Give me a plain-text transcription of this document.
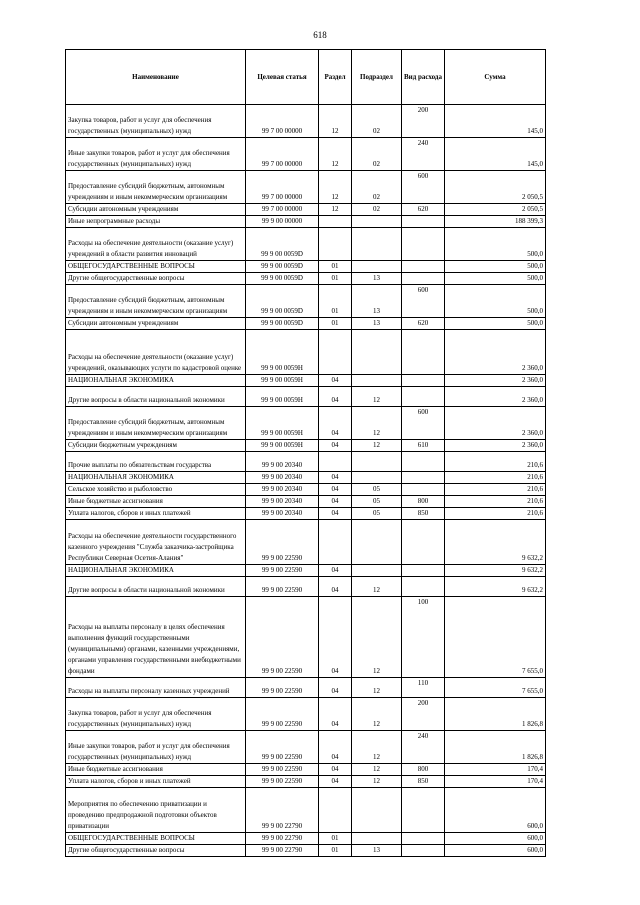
618
Наименование	Целевая статья	Раздел	Подраздел	Вид расхода	Сумма
Закупка товаров, работ и услуг для обеспечения государственных (муниципальных) нужд	99 7 00 00000	12	02	200	145,0
Иные закупки товаров, работ и услуг для обеспечения государственных (муниципальных) нужд	99 7 00 00000	12	02	240	145,0
Предоставление субсидий бюджетным, автономным учреждениям и иным некоммерческим организациям	99 7 00 00000	12	02	600	2 050,5
Субсидии автономным учреждениям	99 7 00 00000	12	02	620	2 050,5
Иные непрограммные расходы	99 9 00 00000				188 399,3
Расходы на обеспечение деятельности (оказание услуг) учреждений в области развития инноваций	99 9 00 0059D				500,0
ОБЩЕГОСУДАРСТВЕННЫЕ ВОПРОСЫ	99 9 00 0059D	01			500,0
Другие общегосударственные вопросы	99 9 00 0059D	01	13		500,0
Предоставление субсидий бюджетным, автономным учреждениям и иным некоммерческим организациям	99 9 00 0059D	01	13	600	500,0
Субсидии автономным учреждениям	99 9 00 0059D	01	13	620	500,0
Расходы на обеспечение деятельности (оказание услуг) учреждений, оказывающих услуги по кадастровой оценке	99 9 00 0059H				2 360,0
НАЦИОНАЛЬНАЯ ЭКОНОМИКА	99 9 00 0059H	04			2 360,0
Другие вопросы в области национальной экономики	99 9 00 0059H	04	12		2 360,0
Предоставление субсидий бюджетным, автономным учреждениям и иным некоммерческим организациям	99 9 00 0059H	04	12	600	2 360,0
Субсидии бюджетным учреждениям	99 9 00 0059H	04	12	610	2 360,0
Прочие выплаты по обязательствам государства	99 9 00 20340				210,6
НАЦИОНАЛЬНАЯ ЭКОНОМИКА	99 9 00 20340	04			210,6
Сельское хозяйство и рыболовство	99 9 00 20340	04	05		210,6
Иные бюджетные ассигнования	99 9 00 20340	04	05	800	210,6
Уплата налогов, сборов и иных платежей	99 9 00 20340	04	05	850	210,6
Расходы на обеспечение деятельности государственного казенного учреждения "Служба заказчика-застройщика Республики Северная Осетия-Алания"	99 9 00 22590				9 632,2
НАЦИОНАЛЬНАЯ ЭКОНОМИКА	99 9 00 22590	04			9 632,2
Другие вопросы в области национальной экономики	99 9 00 22590	04	12		9 632,2
Расходы на выплаты персоналу в целях обеспечения выполнения функций государственными (муниципальными) органами, казенными учреждениями, органами управления государственными внебюджетными фондами	99 9 00 22590	04	12	100	7 655,0
Расходы на выплаты персоналу казенных учреждений	99 9 00 22590	04	12	110	7 655,0
Закупка товаров, работ и услуг для обеспечения государственных (муниципальных) нужд	99 9 00 22590	04	12	200	1 826,8
Иные закупки товаров, работ и услуг для обеспечения государственных (муниципальных) нужд	99 9 00 22590	04	12	240	1 826,8
Иные бюджетные ассигнования	99 9 00 22590	04	12	800	170,4
Уплата налогов, сборов и иных платежей	99 9 00 22590	04	12	850	170,4
Мероприятия по обеспечению приватизации и проведению предпродажной подготовки объектов приватизации	99 9 00 22790				600,0
ОБЩЕГОСУДАРСТВЕННЫЕ ВОПРОСЫ	99 9 00 22790	01			600,0
Другие общегосударственные вопросы	99 9 00 22790	01	13		600,0
